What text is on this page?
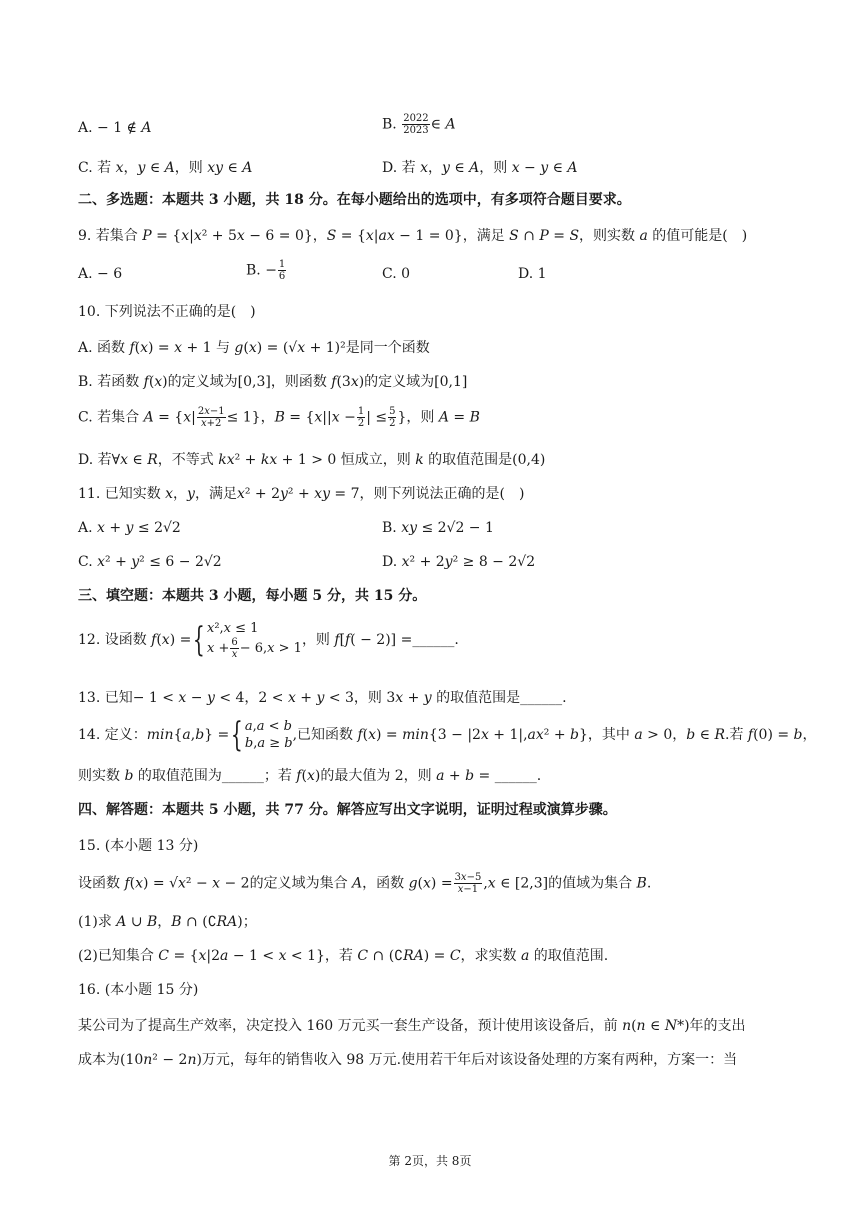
A. − 1 ∉ 𝐴	B. $\frac{2022}{2023}$ ∈ 𝐴
C. 若 𝑥，𝑦 ∈ 𝐴，则 𝑥𝑦 ∈ 𝐴	D. 若 𝑥，𝑦 ∈ 𝐴，则 𝑥 − 𝑦 ∈ 𝐴
二、多选题：本题共 3 小题，共 18 分。在每小题给出的选项中，有多项符合题目要求。
9. 若集合 𝑃 = {𝑥|𝑥² + 5𝑥 − 6 = 0}，𝑆 = {𝑥|𝑎𝑥 − 1 = 0}，满足 𝑆 ∩ 𝑃 = 𝑆，则实数 𝑎 的值可能是(　)
A. − 6	B. − $\frac{1}{6}$	C. 0	D. 1
10. 下列说法不正确的是(　)
A. 函数 𝑓(𝑥) = 𝑥 + 1 与 𝑔(𝑥) = (√𝑥 + 1)²是同一个函数
B. 若函数 𝑓(𝑥)的定义域为[0,3]，则函数 𝑓(3𝑥)的定义域为[0,1]
C. 若集合 𝐴 = {𝑥| $\frac{\text{2𝑥−1}}{\text{𝑥+2}} \le 1$}，𝐵 = {𝑥||𝑥 − $\frac{1}{2}$ | ≤ $\frac{5}{2}$ }，则 𝐴 = 𝐵
D. 若∀𝑥 ∈ 𝑅，不等式 𝑘𝑥² + 𝑘𝑥 + 1 > 0 恒成立，则 𝑘 的取值范围是(0,4)
11. 已知实数 𝑥，𝑦，满足𝑥² + 2𝑦² + 𝑥𝑦 = 7，则下列说法正确的是(　)
A. 𝑥 + 𝑦 ≤ 2√2	B. 𝑥𝑦 ≤ 2√2 − 1
C. 𝑥² + 𝑦² ≤ 6 − 2√2	D. 𝑥² + 2𝑦² ≥ 8 − 2√2
三、填空题：本题共 3 小题，每小题 5 分，共 15 分。
12. 设函数 𝑓(𝑥) ={ 𝑥²,𝑥 ≤ 1
𝑥 + $\frac{6}{\text{𝑥}}$ − 6,𝑥 > 1
，则 𝑓[𝑓( − 2)] =______.
13. 已知− 1 < 𝑥 − 𝑦 < 4，2 < 𝑥 + 𝑦 < 3，则 3𝑥 + 𝑦 的取值范围是______.
14. 定义：𝑚𝑖𝑛{𝑎,𝑏} ={ 𝑎,𝑎 < 𝑏
𝑏,𝑎 ≥ 𝑏
,已知函数 𝑓(𝑥) = 𝑚𝑖𝑛{3 − |2𝑥 + 1|,𝑎𝑥² + 𝑏}，其中 𝑎 > 0，𝑏 ∈ 𝑅.若 𝑓(0) = 𝑏，
则实数 𝑏 的取值范围为______；若 𝑓(𝑥)的最大值为 2，则 𝑎 + 𝑏 = ______.
四、解答题：本题共 5 小题，共 77 分。解答应写出文字说明，证明过程或演算步骤。
15. (本小题 13 分)
设函数 𝑓(𝑥) = √𝑥² − 𝑥 − 2的定义域为集合 𝐴，函数 𝑔(𝑥) = $\frac{\text{3𝑥−5}}{\text{𝑥−1}}$ ,𝑥 ∈ [2,3]的值域为集合 𝐵.
(1)求 𝐴 ∪ 𝐵，𝐵 ∩ (∁𝑅𝐴)；
(2)已知集合 𝐶 = {𝑥|2𝑎 − 1 < 𝑥 < 1}，若 𝐶 ∩ (∁𝑅𝐴) = 𝐶，求实数 𝑎 的取值范围.
16. (本小题 15 分)
某公司为了提高生产效率，决定投入 160 万元买一套生产设备，预计使用该设备后，前 𝑛(𝑛 ∈ 𝑁*)年的支出
成本为(10𝑛² − 2𝑛)万元，每年的销售收入 98 万元.使用若干年后对该设备处理的方案有两种，方案一：当
第 2页，共 8页
